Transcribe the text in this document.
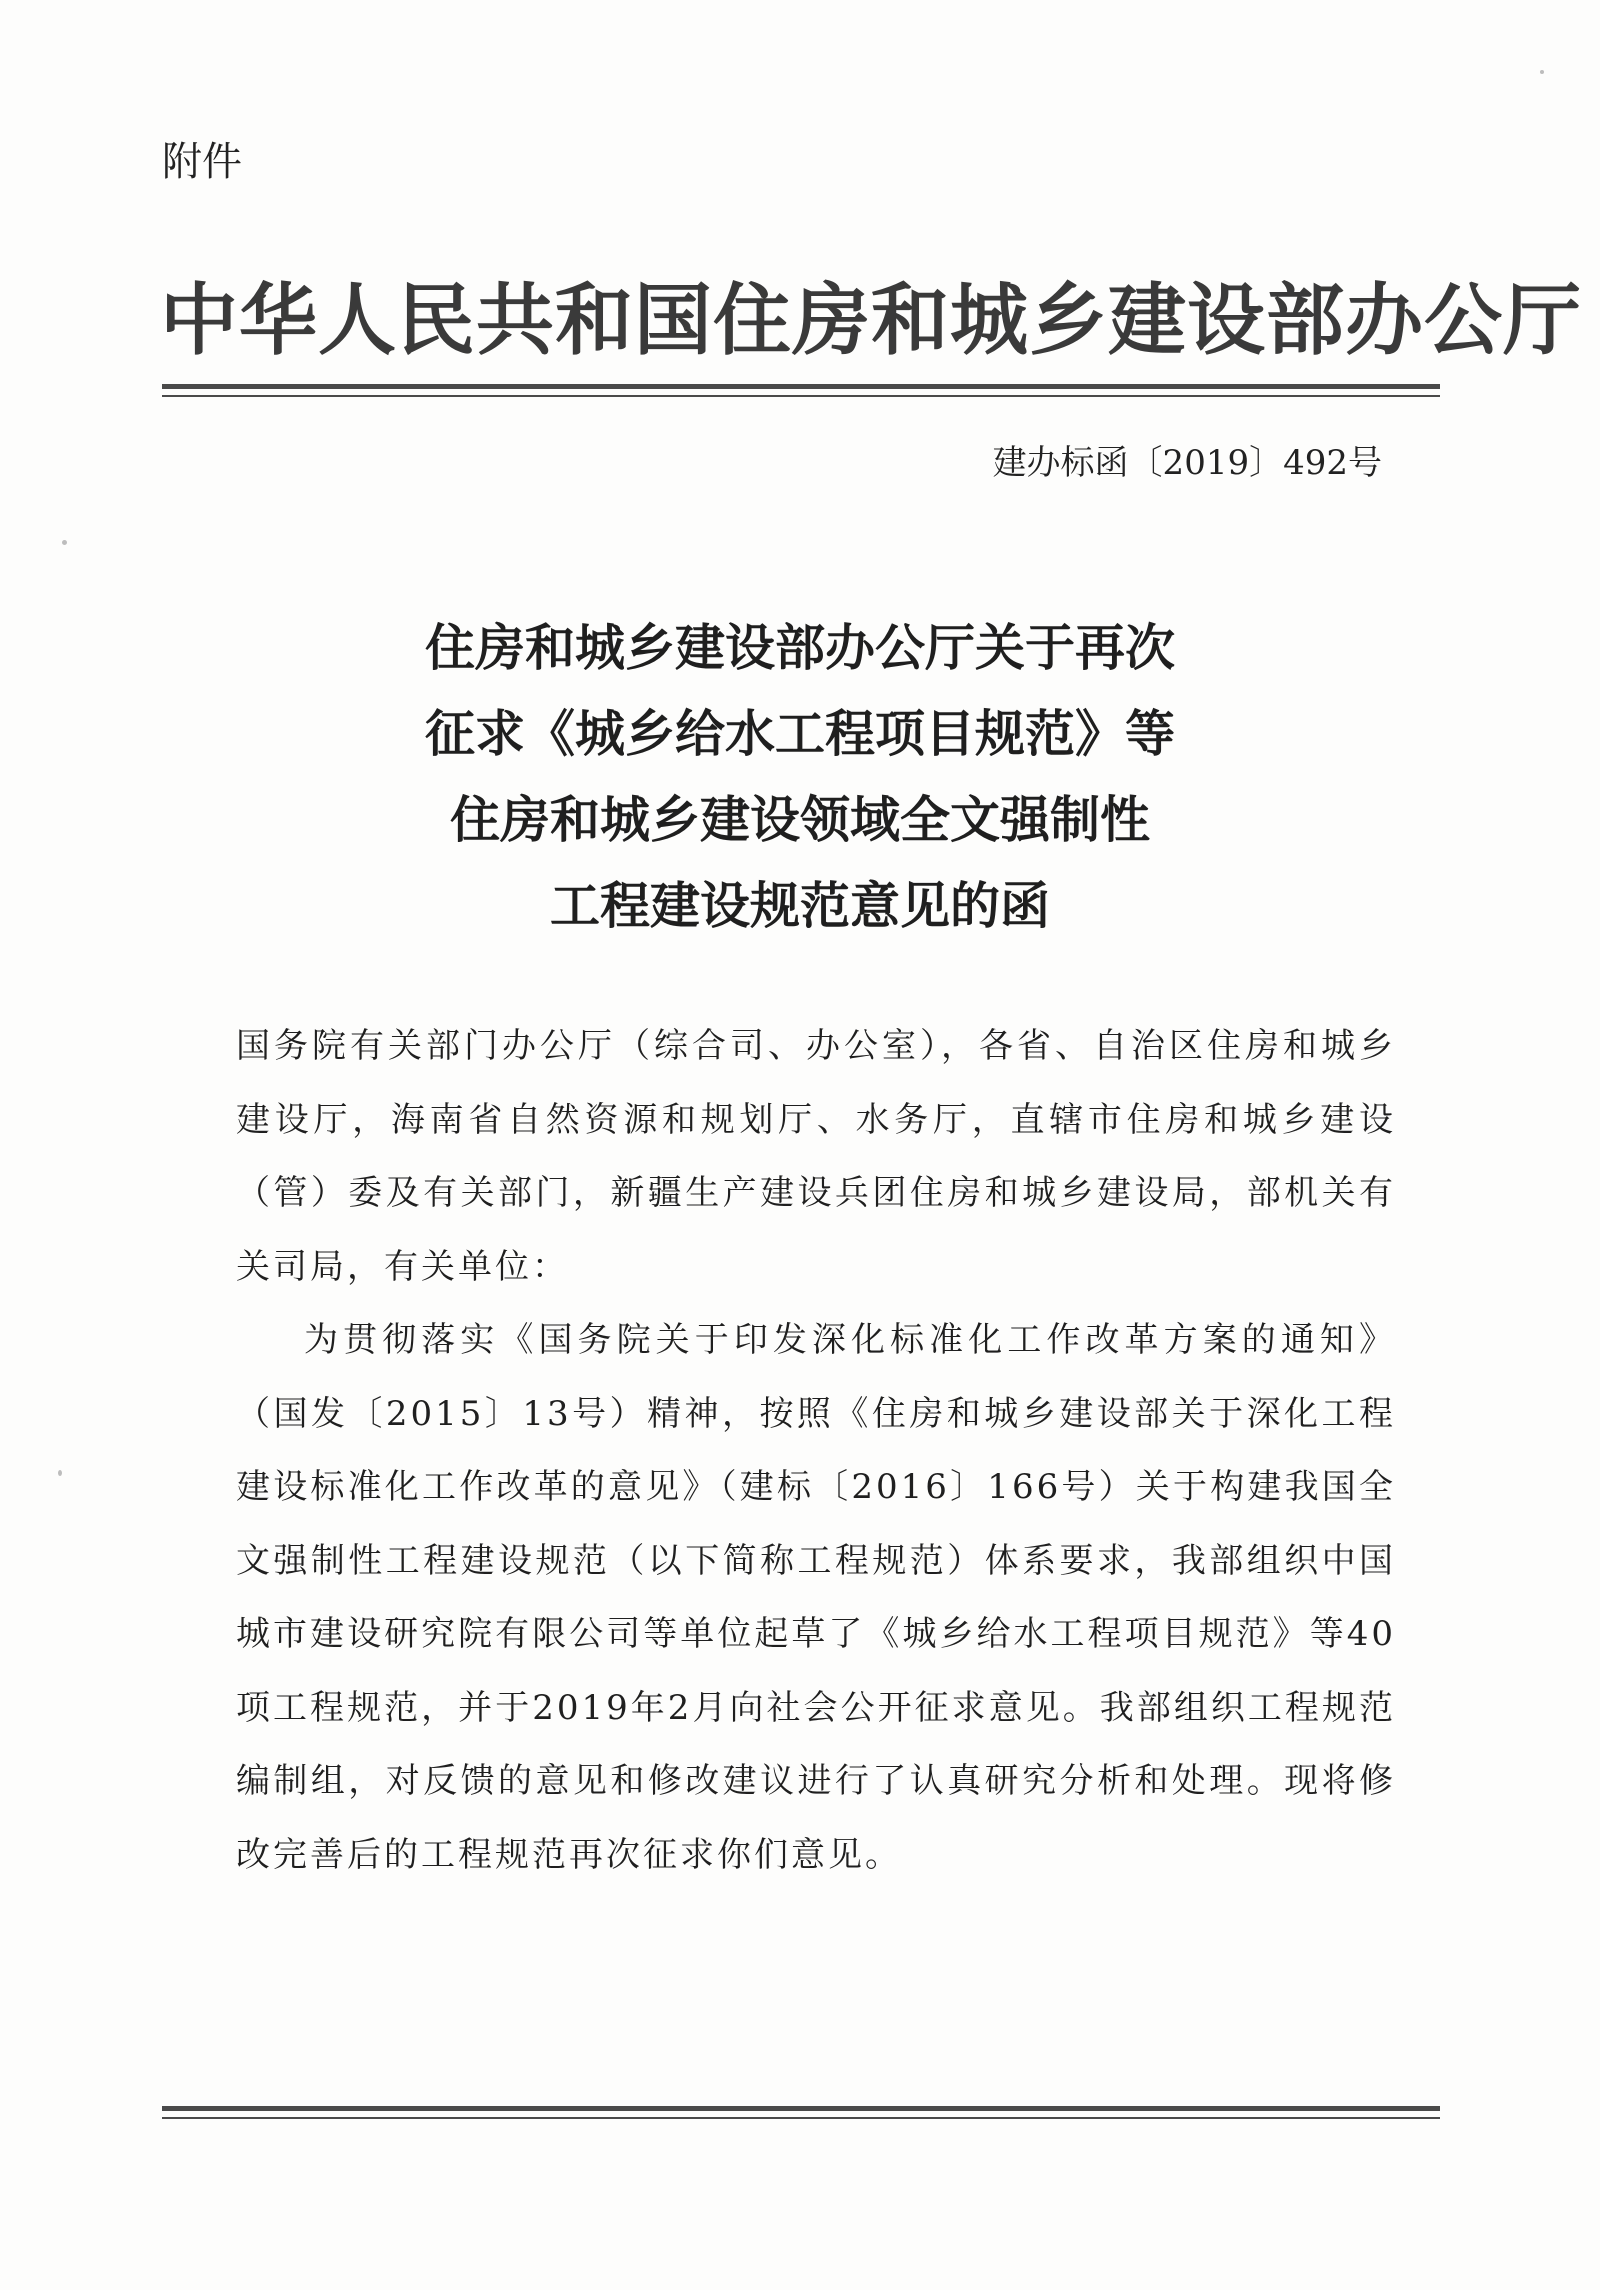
附件
中华人民共和国住房和城乡建设部办公厅
建办标函〔2019〕492号
住房和城乡建设部办公厅关于再次
征求《城乡给水工程项目规范》等
住房和城乡建设领域全文强制性
工程建设规范意见的函

国务院有关部门办公厅（综合司、办公室），各省、自治区住房和城乡建设厅，海南省自然资源和规划厅、水务厅，直辖市住房和城乡建设（管）委及有关部门，新疆生产建设兵团住房和城乡建设局，部机关有关司局，有关单位：

为贯彻落实《国务院关于印发深化标准化工作改革方案的通知》（国发〔2015〕13号）精神，按照《住房和城乡建设部关于深化工程建设标准化工作改革的意见》（建标〔2016〕166号）关于构建我国全文强制性工程建设规范（以下简称工程规范）体系要求，我部组织中国城市建设研究院有限公司等单位起草了《城乡给水工程项目规范》等40项工程规范，并于2019年2月向社会公开征求意见。我部组织工程规范编制组，对反馈的意见和修改建议进行了认真研究分析和处理。现将修改完善后的工程规范再次征求你们意见。
